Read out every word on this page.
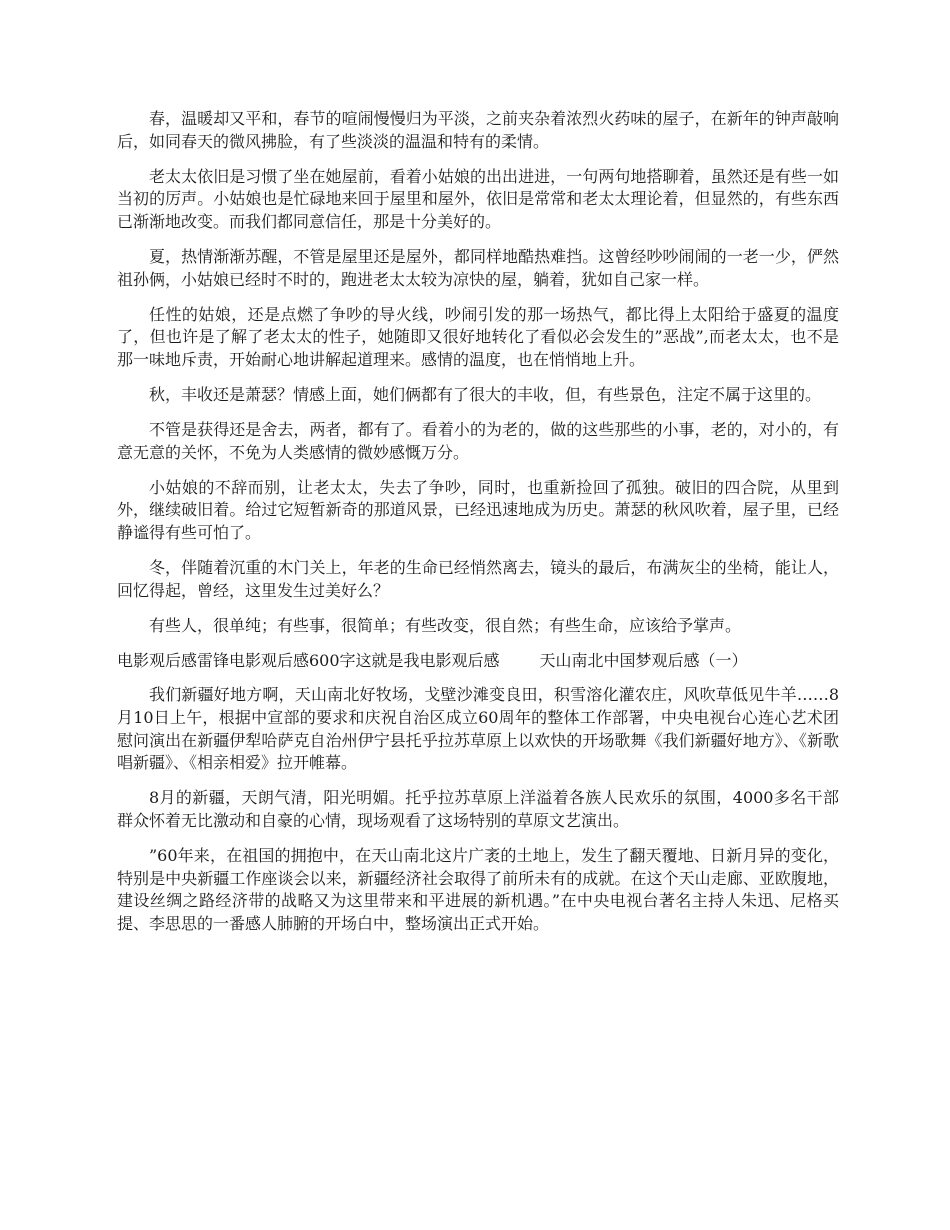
春，温暖却又平和，春节的喧闹慢慢归为平淡，之前夹杂着浓烈火药味的屋子，在新年的钟声敲响后，如同春天的微风拂脸，有了些淡淡的温温和特有的柔情。

老太太依旧是习惯了坐在她屋前，看着小姑娘的出出进进，一句两句地搭聊着，虽然还是有些一如当初的厉声。小姑娘也是忙碌地来回于屋里和屋外，依旧是常常和老太太理论着，但显然的，有些东西已渐渐地改变。而我们都同意信任，那是十分美好的。

夏，热情渐渐苏醒，不管是屋里还是屋外，都同样地酷热难挡。这曾经吵吵闹闹的一老一少，俨然祖孙俩，小姑娘已经时不时的，跑进老太太较为凉快的屋，躺着，犹如自己家一样。

任性的姑娘，还是点燃了争吵的导火线，吵闹引发的那一场热气，都比得上太阳给于盛夏的温度了，但也许是了解了老太太的性子，她随即又很好地转化了看似必会发生的”恶战”,而老太太，也不是那一味地斥责，开始耐心地讲解起道理来。感情的温度，也在悄悄地上升。

秋，丰收还是萧瑟？情感上面，她们俩都有了很大的丰收，但，有些景色，注定不属于这里的。

不管是获得还是舍去，两者，都有了。看着小的为老的，做的这些那些的小事，老的，对小的，有意无意的关怀，不免为人类感情的微妙感慨万分。

小姑娘的不辞而别，让老太太，失去了争吵，同时，也重新捡回了孤独。破旧的四合院，从里到外，继续破旧着。给过它短暂新奇的那道风景，已经迅速地成为历史。萧瑟的秋风吹着，屋子里，已经静谧得有些可怕了。

冬，伴随着沉重的木门关上，年老的生命已经悄然离去，镜头的最后，布满灰尘的坐椅，能让人，回忆得起，曾经，这里发生过美好么？

有些人，很单纯；有些事，很简单；有些改变，很自然；有些生命，应该给予掌声。

电影观后感雷锋电影观后感600字这就是我电影观后感	天山南北中国梦观后感（一）

我们新疆好地方啊，天山南北好牧场，戈壁沙滩变良田，积雪溶化灌农庄，风吹草低见牛羊……8月10日上午，根据中宣部的要求和庆祝自治区成立60周年的整体工作部署，中央电视台心连心艺术团慰问演出在新疆伊犁哈萨克自治州伊宁县托乎拉苏草原上以欢快的开场歌舞《我们新疆好地方》、《新歌唱新疆》、《相亲相爱》拉开帷幕。

8月的新疆，天朗气清，阳光明媚。托乎拉苏草原上洋溢着各族人民欢乐的氛围，4000多名干部群众怀着无比激动和自豪的心情，现场观看了这场特别的草原文艺演出。

”60年来，在祖国的拥抱中，在天山南北这片广袤的土地上，发生了翻天覆地、日新月异的变化，特别是中央新疆工作座谈会以来，新疆经济社会取得了前所未有的成就。在这个天山走廊、亚欧腹地，建设丝绸之路经济带的战略又为这里带来和平进展的新机遇。”在中央电视台著名主持人朱迅、尼格买提、李思思的一番感人肺腑的开场白中，整场演出正式开始。
